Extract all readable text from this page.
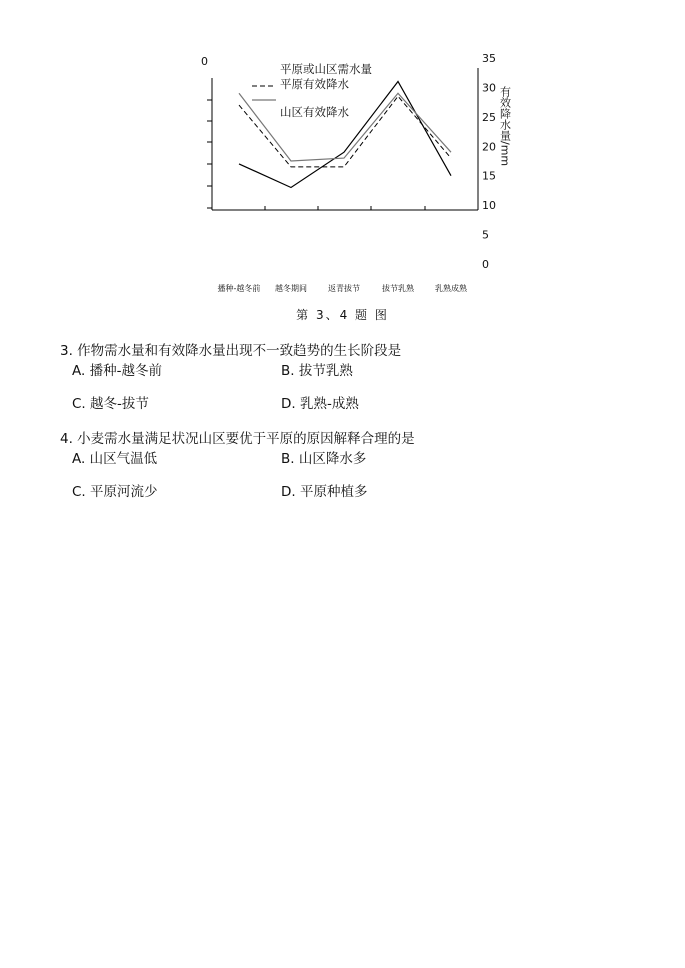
0	35
30
25
20
15
10
5
0
有效降水量/mm
平原或山区需水量
平原有效降水
山区有效降水
播种-越冬前 越冬期间	返青拔节	拔节乳熟	乳熟成熟
第 3、4 题 图
3. 作物需水量和有效降水量出现不一致趋势的生长阶段是
A. 播种-越冬前	B. 拔节乳熟
C. 越冬-拔节	D. 乳熟-成熟
4. 小麦需水量满足状况山区要优于平原的原因解释合理的是
A. 山区气温低	B. 山区降水多
C. 平原河流少	D. 平原种植多
